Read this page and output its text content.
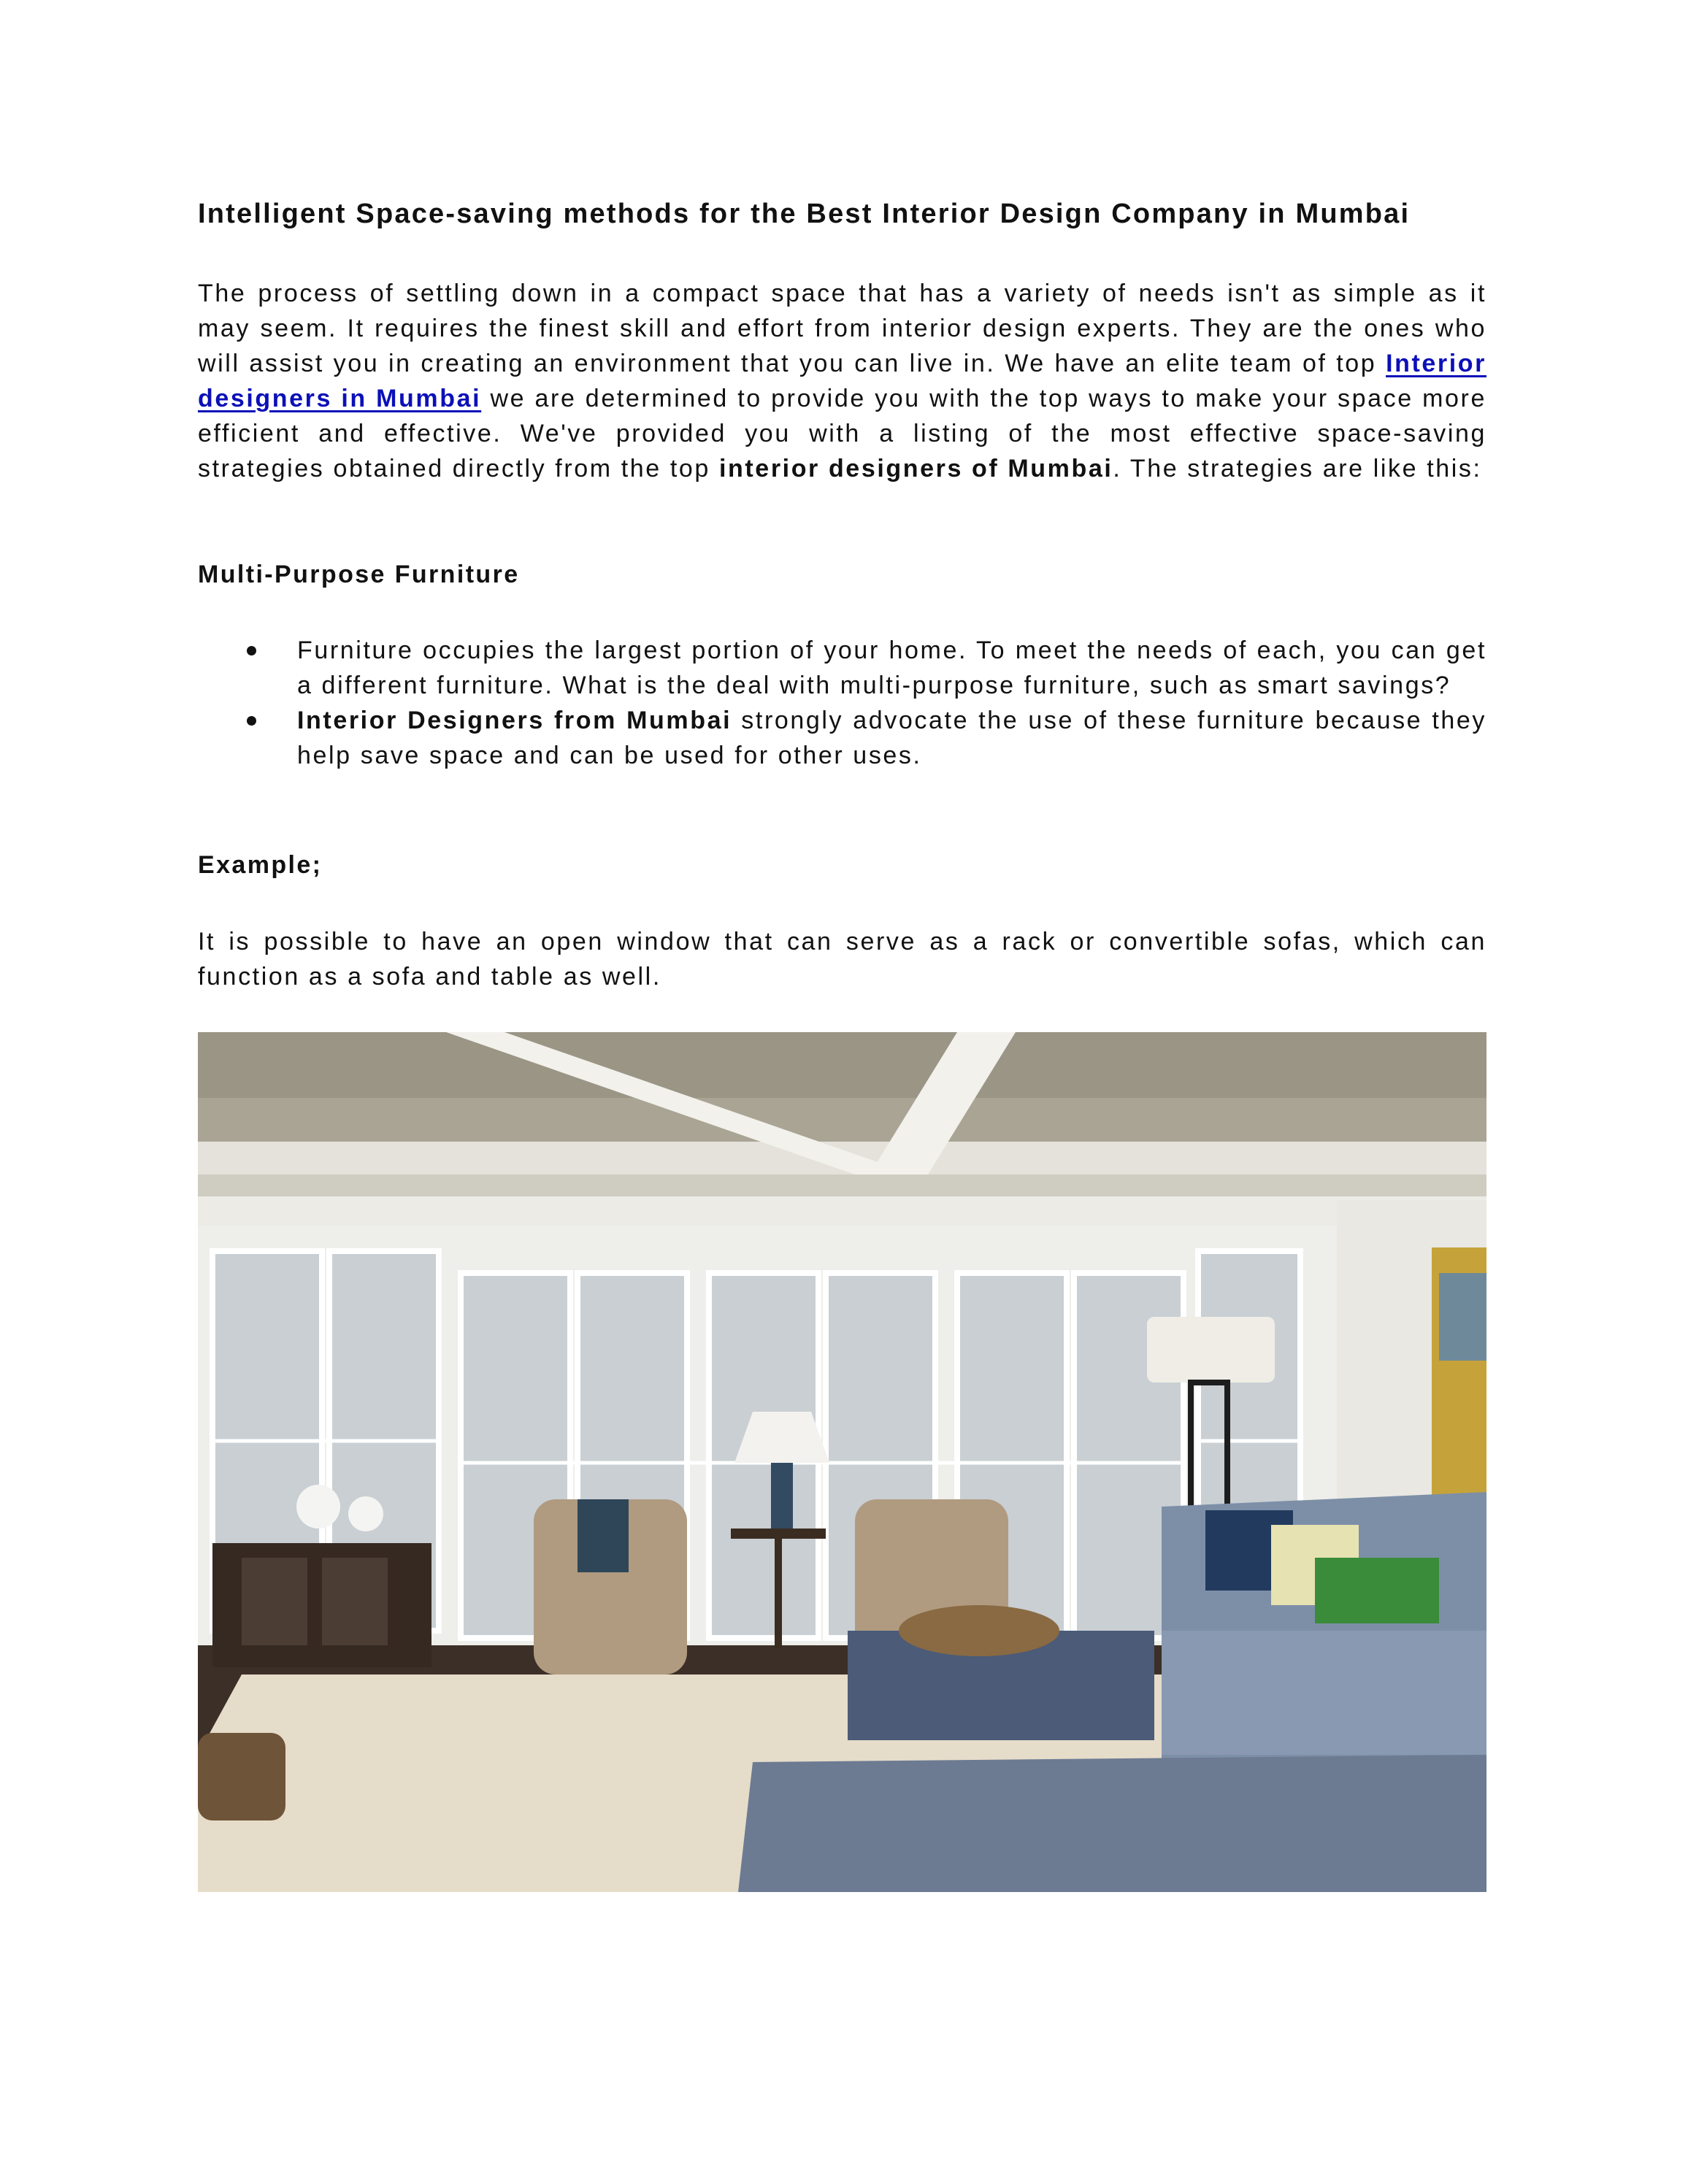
Intelligent Space-saving methods for the Best Interior Design Company in Mumbai

The process of settling down in a compact space that has a variety of needs isn't as simple as it may seem. It requires the finest skill and effort from interior design experts. They are the ones who will assist you in creating an environment that you can live in. We have an elite team of top Interior designers in Mumbai we are determined to provide you with the top ways to make your space more efficient and effective. We've provided you with a listing of the most effective space-saving strategies obtained directly from the top interior designers of Mumbai. The strategies are like this:

Multi-Purpose Furniture
Furniture occupies the largest portion of your home. To meet the needs of each, you can get a different furniture. What is the deal with multi-purpose furniture, such as smart savings?
Interior Designers from Mumbai strongly advocate the use of these furniture because they help save space and can be used for other uses.
Example;

It is possible to have an open window that can serve as a rack or convertible sofas, which can function as a sofa and table as well.
